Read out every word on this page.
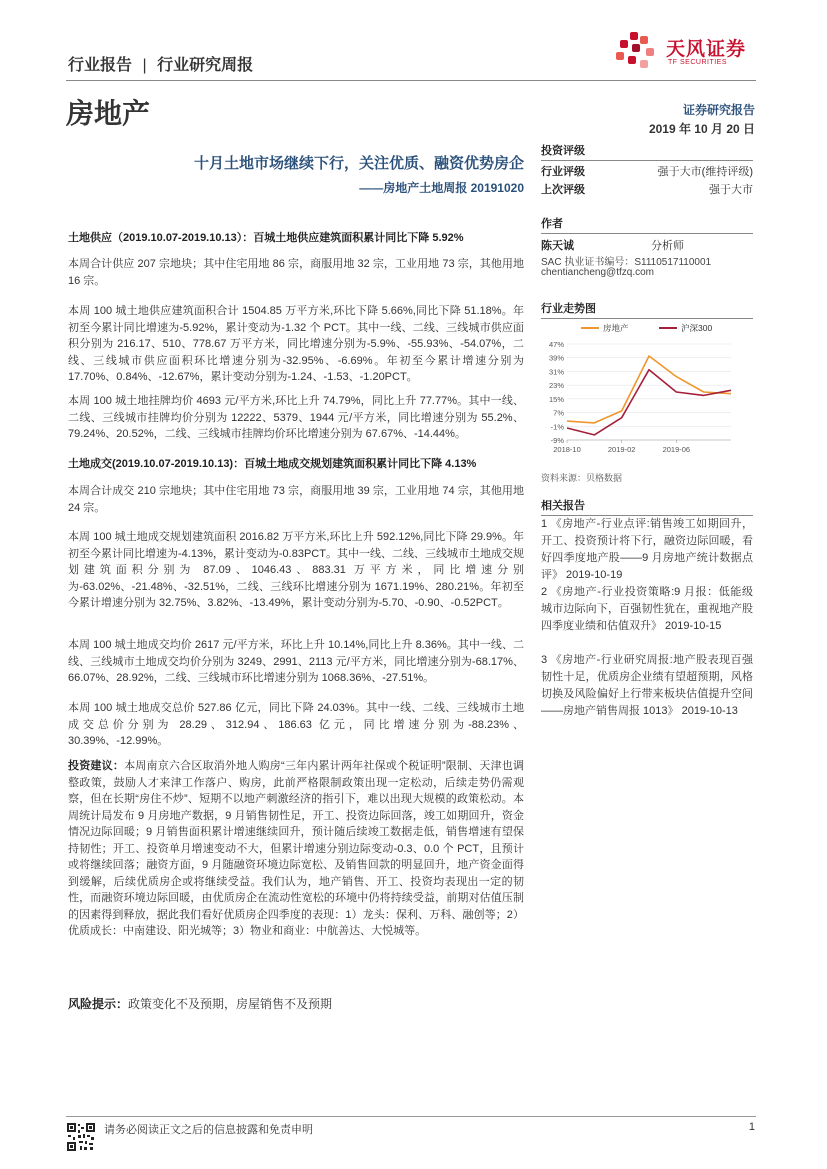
行业报告 | 行业研究周报
天风证券
TF SECURITIES
房地产	证券研究报告
2019 年 10 月 20 日
十月土地市场继续下行，关注优质、融资优势房企
——房地产土地周报 20191020
投资评级
行业评级	强于大市(维持评级)
上次评级	强于大市
作者
陈天诚	分析师
SAC 执业证书编号：S1110517110001
chentiancheng@tfzq.com
行业走势图
47%
39%
31%
23%
15%
7%
-1%
-9%
2018-10	2019-02	2019-06
房地产	沪深300
资料来源：贝格数据
相关报告
1 《房地产-行业点评:销售竣工如期回升，开工、投资预计将下行，融资边际回暖，看好四季度地产股——9 月房地产统计数据点评》 2019-10-19
2 《房地产-行业投资策略:9 月报：低能级城市边际向下，百强韧性犹在，重视地产股四季度业绩和估值双升》 2019-10-15
3 《房地产-行业研究周报:地产股表现百强韧性十足，优质房企业绩有望超预期，风格切换及风险偏好上行带来板块估值提升空间——房地产销售周报 1013》 2019-10-13
土地供应（2019.10.07-2019.10.13）：百城土地供应建筑面积累计同比下降 5.92%
本周合计供应 207 宗地块；其中住宅用地 86 宗，商服用地 32 宗，工业用地 73 宗，其他用地 16 宗。
本周 100 城土地供应建筑面积合计 1504.85 万平方米,环比下降 5.66%,同比下降 51.18%。年初至今累计同比增速为-5.92%，累计变动为-1.32 个 PCT。其中一线、二线、三线城市供应面积分别为 216.17、510、778.67 万平方米，同比增速分别为-5.9%、-55.93%、-54.07%，二线、三线城市供应面积环比增速分别为-32.95%、-6.69%。年初至今累计增速分别为 17.70%、0.84%、-12.67%，累计变动分别为-1.24、-1.53、-1.20PCT。
本周 100 城土地挂牌均价 4693 元/平方米,环比上升 74.79%，同比上升 77.77%。其中一线、二线、三线城市挂牌均价分别为 12222、5379、1944 元/平方米，同比增速分别为 55.2%、79.24%、20.52%，二线、三线城市挂牌均价环比增速分别为 67.67%、-14.44%。
土地成交(2019.10.07-2019.10.13)：百城土地成交规划建筑面积累计同比下降 4.13%
本周合计成交 210 宗地块；其中住宅用地 73 宗，商服用地 39 宗，工业用地 74 宗，其他用地 24 宗。
本周 100 城土地成交规划建筑面积 2016.82 万平方米,环比上升 592.12%,同比下降 29.9%。年初至今累计同比增速为-4.13%，累计变动为-0.83PCT。其中一线、二线、三线城市土地成交规划建筑面积分别为 87.09、1046.43、883.31 万平方米，同比增速分别为-63.02%、-21.48%、-32.51%，二线、三线环比增速分别为 1671.19%、280.21%。年初至今累计增速分别为 32.75%、3.82%、-13.49%，累计变动分别为-5.70、-0.90、-0.52PCT。
本周 100 城土地成交均价 2617 元/平方米，环比上升 10.14%,同比上升 8.36%。其中一线、二线、三线城市土地成交均价分别为 3249、2991、2113 元/平方米，同比增速分别为-68.17%、66.07%、28.92%，二线、三线城市环比增速分别为 1068.36%、-27.51%。
本周 100 城土地成交总价 527.86 亿元，同比下降 24.03%。其中一线、二线、三线城市土地成交总价分别为 28.29、312.94、186.63 亿元，同比增速分别为-88.23%、30.39%、-12.99%。
投资建议：本周南京六合区取消外地人购房“三年内累计两年社保或个税证明”限制、天津也调整政策，鼓励人才来津工作落户、购房，此前严格限制政策出现一定松动，后续走势仍需观察，但在长期“房住不炒”、短期不以地产刺激经济的指引下，难以出现大规模的政策松动。本周统计局发布 9 月房地产数据，9 月销售韧性足，开工、投资边际回落，竣工如期回升，资金情况边际回暖；9 月销售面积累计增速继续回升，预计随后续竣工数据走低，销售增速有望保持韧性；开工、投资单月增速变动不大，但累计增速分别边际变动-0.3、0.0 个 PCT，且预计或将继续回落；融资方面，9 月随融资环境边际宽松、及销售回款的明显回升，地产资金面得到缓解，后续优质房企或将继续受益。我们认为，地产销售、开工、投资均表现出一定的韧性，而融资环境边际回暖，由优质房企在流动性宽松的环境中仍将持续受益，前期对估值压制的因素得到释放，据此我们看好优质房企四季度的表现：1）龙头：保利、万科、融创等；2）优质成长：中南建设、阳光城等；3）物业和商业：中航善达、大悦城等。
风险提示：政策变化不及预期，房屋销售不及预期
请务必阅读正文之后的信息披露和免责申明	1
